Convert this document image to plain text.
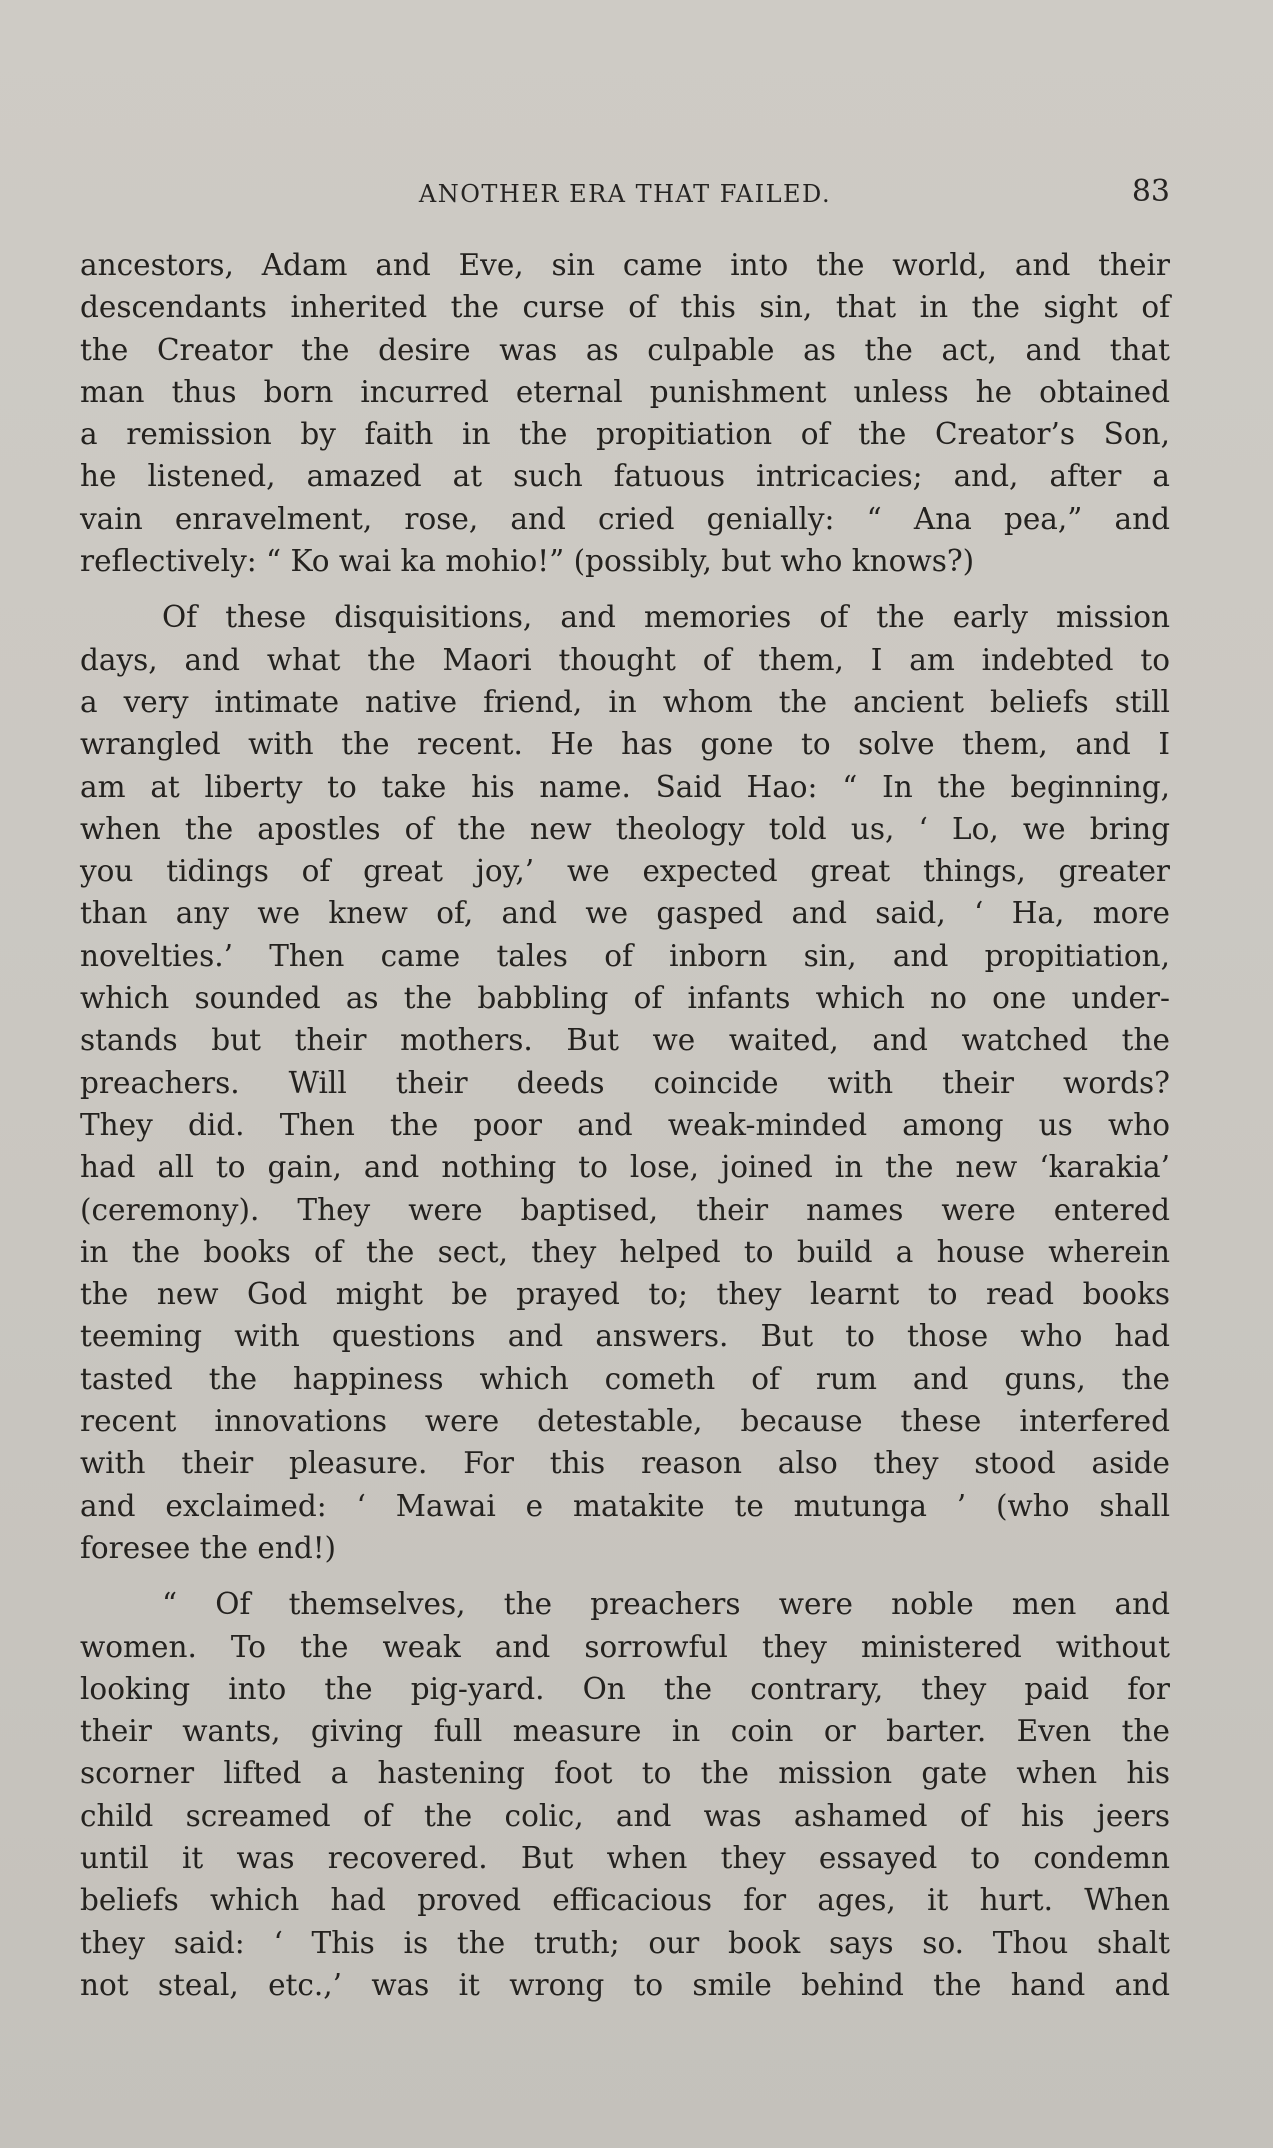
ANOTHER ERA THAT FAILED.	83
ancestors, Adam and Eve, sin came into the world, and their
descendants inherited the curse of this sin, that in the sight of
the Creator the desire was as culpable as the act, and that
man thus born incurred eternal punishment unless he obtained
a remission by faith in the propitiation of the Creator’s Son,
he listened, amazed at such fatuous intricacies; and, after a
vain enravelment, rose, and cried genially: “ Ana pea,” and
reflectively: “ Ko wai ka mohio!” (possibly, but who knows?)
Of these disquisitions, and memories of the early mission
days, and what the Maori thought of them, I am indebted to
a very intimate native friend, in whom the ancient beliefs still
wrangled with the recent. He has gone to solve them, and I
am at liberty to take his name. Said Hao: “ In the beginning,
when the apostles of the new theology told us, ‘ Lo, we bring
you tidings of great joy,’ we expected great things, greater
than any we knew of, and we gasped and said, ‘ Ha, more
novelties.’ Then came tales of inborn sin, and propitiation,
which sounded as the babbling of infants which no one under-
stands but their mothers. But we waited, and watched the
preachers. Will their deeds coincide with their words?
They did. Then the poor and weak-minded among us who
had all to gain, and nothing to lose, joined in the new ‘karakia’
(ceremony). They were baptised, their names were entered
in the books of the sect, they helped to build a house wherein
the new God might be prayed to; they learnt to read books
teeming with questions and answers. But to those who had
tasted the happiness which cometh of rum and guns, the
recent innovations were detestable, because these interfered
with their pleasure. For this reason also they stood aside
and exclaimed: ‘ Mawai e matakite te mutunga ’ (who shall
foresee the end!)
“ Of themselves, the preachers were noble men and
women. To the weak and sorrowful they ministered without
looking into the pig-yard. On the contrary, they paid for
their wants, giving full measure in coin or barter. Even the
scorner lifted a hastening foot to the mission gate when his
child screamed of the colic, and was ashamed of his jeers
until it was recovered. But when they essayed to condemn
beliefs which had proved efficacious for ages, it hurt. When
they said: ‘ This is the truth; our book says so. Thou shalt
not steal, etc.,’ was it wrong to smile behind the hand and
